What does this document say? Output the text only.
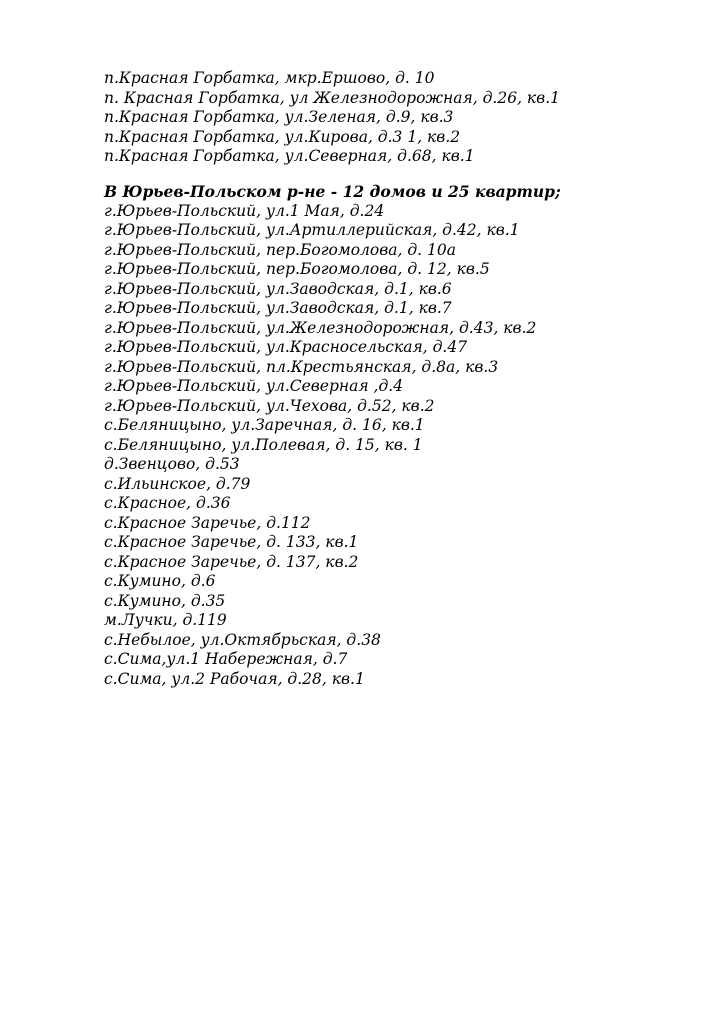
п.Красная Горбатка, мкр.Ершово, д. 10
п. Красная Горбатка, ул Железнодорожная, д.26, кв.1
п.Красная Горбатка, ул.Зеленая, д.9, кв.3
п.Красная Горбатка, ул.Кирова, д.3 1, кв.2
п.Красная Горбатка, ул.Северная, д.68, кв.1
В Юрьев-Польском р-не - 12 домов и 25 квартир;
г.Юрьев-Польский, ул.1 Мая, д.24
г.Юрьев-Польский, ул.Артиллерийская, д.42, кв.1
г.Юрьев-Польский, пер.Богомолова, д. 10а
г.Юрьев-Польский, пер.Богомолова, д. 12, кв.5
г.Юрьев-Польский, ул.Заводская, д.1, кв.6
г.Юрьев-Польский, ул.Заводская, д.1, кв.7
г.Юрьев-Польский, ул.Железнодорожная, д.43, кв.2
г.Юрьев-Польский, ул.Красносельская, д.47
г.Юрьев-Польский, пл.Крестьянская, д.8а, кв.3
г.Юрьев-Польский, ул.Северная ,д.4
г.Юрьев-Польский, ул.Чехова, д.52, кв.2
с.Беляницыно, ул.Заречная, д. 16, кв.1
с.Беляницыно, ул.Полевая, д. 15, кв. 1
д.Звенцово, д.53
с.Ильинское, д.79
с.Красное, д.36
с.Красное Заречье, д.112
с.Красное Заречье, д. 133, кв.1
с.Красное Заречье, д. 137, кв.2
с.Кумино, д.6
с.Кумино, д.35
м.Лучки, д.119
с.Небылое, ул.Октябрьская, д.38
с.Сима,ул.1 Набережная, д.7
с.Сима, ул.2 Рабочая, д.28, кв.1
